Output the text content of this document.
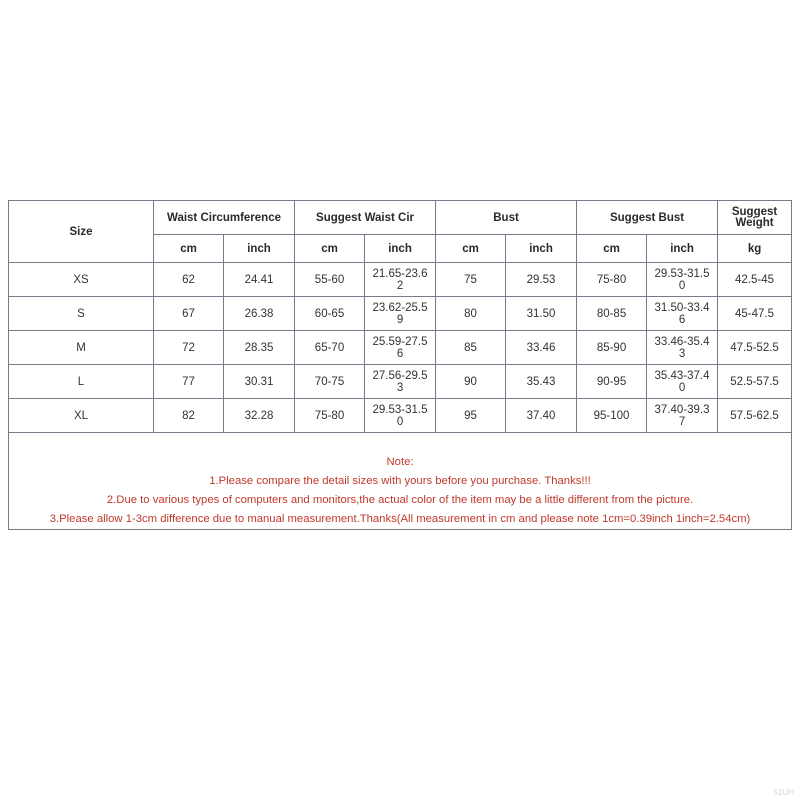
Size	Waist Circumference		Suggest Waist Cir		Bust		Suggest Bust		Suggest Weight

	cm	inch	cm	inch	cm	inch	cm	inch	kg
XS	62	24.41	55-60	21.65-23.62	75	29.53	75-80	29.53-31.50	42.5-45
S	67	26.38	60-65	23.62-25.59	80	31.50	80-85	31.50-33.46	45-47.5
M	72	28.35	65-70	25.59-27.56	85	33.46	85-90	33.46-35.43	47.5-52.5
L	77	30.31	70-75	27.56-29.53	90	35.43	90-95	35.43-37.40	52.5-57.5
XL	82	32.28	75-80	29.53-31.50	95	37.40	95-100	37.40-39.37	57.5-62.5

Note:
1.Please compare the detail sizes with yours before you purchase. Thanks!!!
2.Due to various types of computers and monitors,the actual color of the item may be a little different from the picture.
3.Please allow 1-3cm difference due to manual measurement.Thanks(All measurement in cm and please note 1cm=0.39inch 1inch=2.54cm)									
51UH
